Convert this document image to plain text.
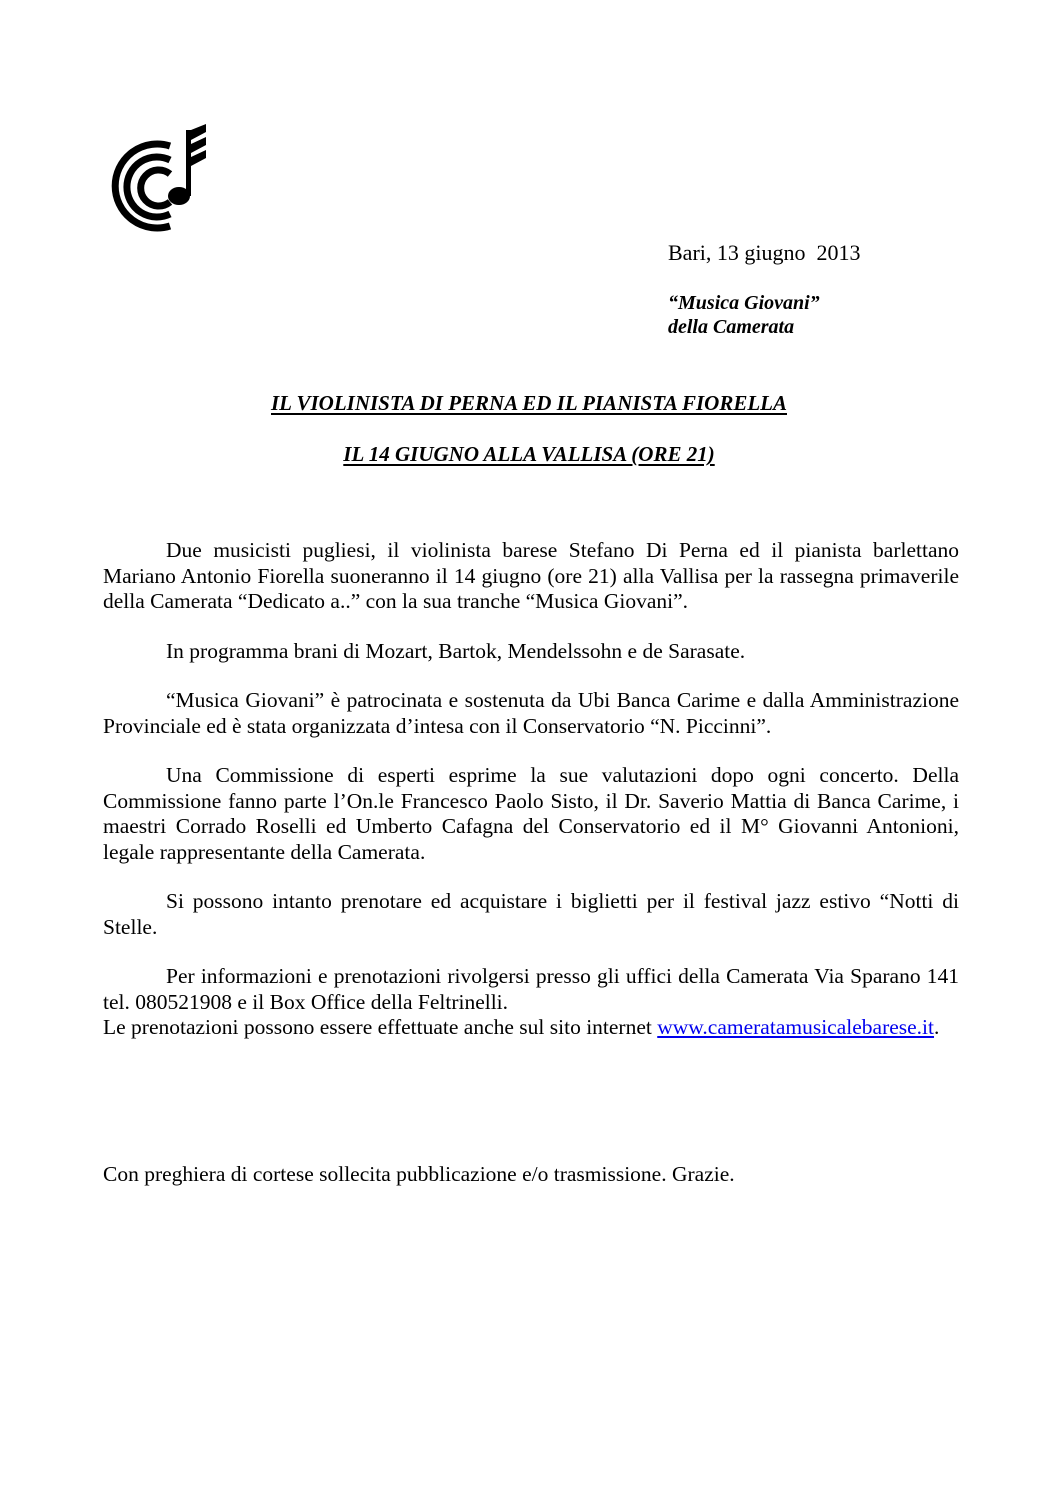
Bari, 13 giugno  2013
“Musica Giovani”
della Camerata
IL VIOLINISTA DI PERNA ED IL PIANISTA FIORELLA
IL 14 GIUGNO ALLA VALLISA (ORE 21)

Due musicisti pugliesi, il violinista barese Stefano Di Perna ed il pianista barlettano Mariano Antonio Fiorella suoneranno il 14 giugno (ore 21) alla Vallisa per la rassegna primaverile della Camerata “Dedicato a..” con la sua tranche “Musica Giovani”.

In programma brani di Mozart, Bartok, Mendelssohn e de Sarasate.

“Musica Giovani” è patrocinata e sostenuta da Ubi Banca Carime e dalla Amministrazione Provinciale ed è stata organizzata d’intesa con il Conservatorio “N. Piccinni”.

Una Commissione di esperti esprime la sue valutazioni dopo ogni concerto. Della Commissione fanno parte l’On.le Francesco Paolo Sisto, il Dr. Saverio Mattia di Banca Carime, i maestri Corrado Roselli ed Umberto Cafagna del Conservatorio ed il M° Giovanni Antonioni, legale rappresentante della Camerata.

Si possono intanto prenotare ed acquistare i biglietti per il festival jazz estivo “Notti di Stelle.

Per informazioni e prenotazioni rivolgersi presso gli uffici della Camerata Via Sparano 141 tel. 080521908 e il Box Office della Feltrinelli.

Le prenotazioni possono essere effettuate anche sul sito internet www.cameratamusicalebarese.it.

Con preghiera di cortese sollecita pubblicazione e/o trasmissione. Grazie.
